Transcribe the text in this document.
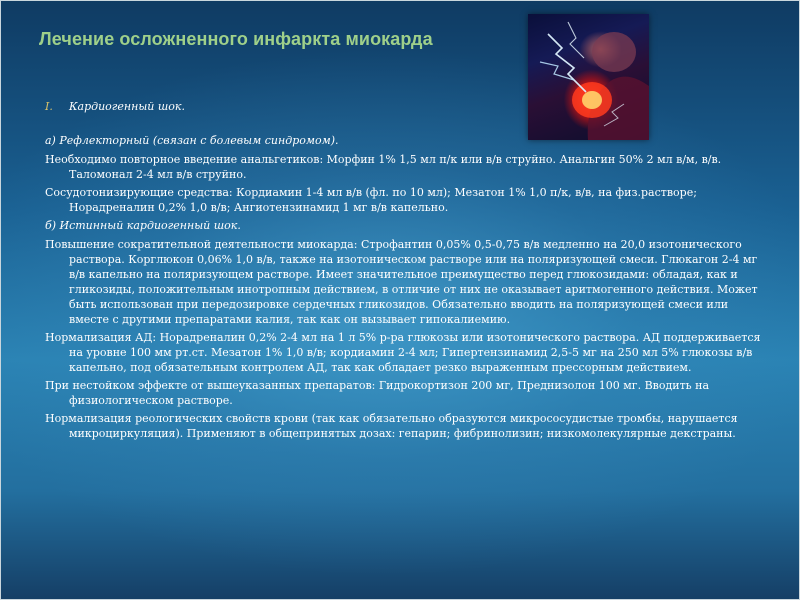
Лечение осложненного инфаркта миокарда
I. Кардиогенный шок.
а) Рефлекторный (связан с болевым синдромом).
Необходимо повторное введение анальгетиков: Морфин 1% 1,5 мл п/к или в/в струйно. Анальгин 50% 2 мл в/м, в/в. Таломонал 2-4 мл в/в струйно.
Сосудотонизирующие средства: Кордиамин 1-4 мл в/в (фл. по 10 мл); Мезатон 1% 1,0 п/к, в/в, на физ.растворе; Норадреналин 0,2% 1,0 в/в; Ангиотензинамид 1 мг в/в капельно.
б) Истинный кардиогенный шок.
Повышение сократительной деятельности миокарда: Строфантин 0,05% 0,5-0,75 в/в медленно на 20,0 изотонического раствора. Корглюкон 0,06% 1,0 в/в, также на изотоническом растворе или на поляризующей смеси. Глюкагон 2-4 мг в/в капельно на поляризующем растворе. Имеет значительное преимущество перед глюкозидами: обладая, как и гликозиды, положительным инотропным действием, в отличие от них не оказывает аритмогенного действия. Может быть использован при передозировке сердечных гликозидов. Обязательно вводить на поляризующей смеси или вместе с другими препаратами калия, так как он вызывает гипокалиемию.
Нормализация АД: Норадреналин 0,2% 2-4 мл на 1 л 5% р-ра глюкозы или изотонического раствора. АД поддерживается на уровне 100 мм рт.ст. Мезатон 1% 1,0 в/в; кордиамин 2-4 мл; Гипертензинамид 2,5-5 мг на 250 мл 5% глюкозы в/в капельно, под обязательным контролем АД, так как обладает резко выраженным прессорным действием.
При нестойком эффекте от вышеуказанных препаратов: Гидрокортизон 200 мг, Преднизолон 100 мг. Вводить на физиологическом растворе.
Нормализация реологических свойств крови (так как обязательно образуются микрососудистые тромбы, нарушается микроциркуляция). Применяют в общепринятых дозах: гепарин; фибринолизин; низкомолекулярные декстраны.
